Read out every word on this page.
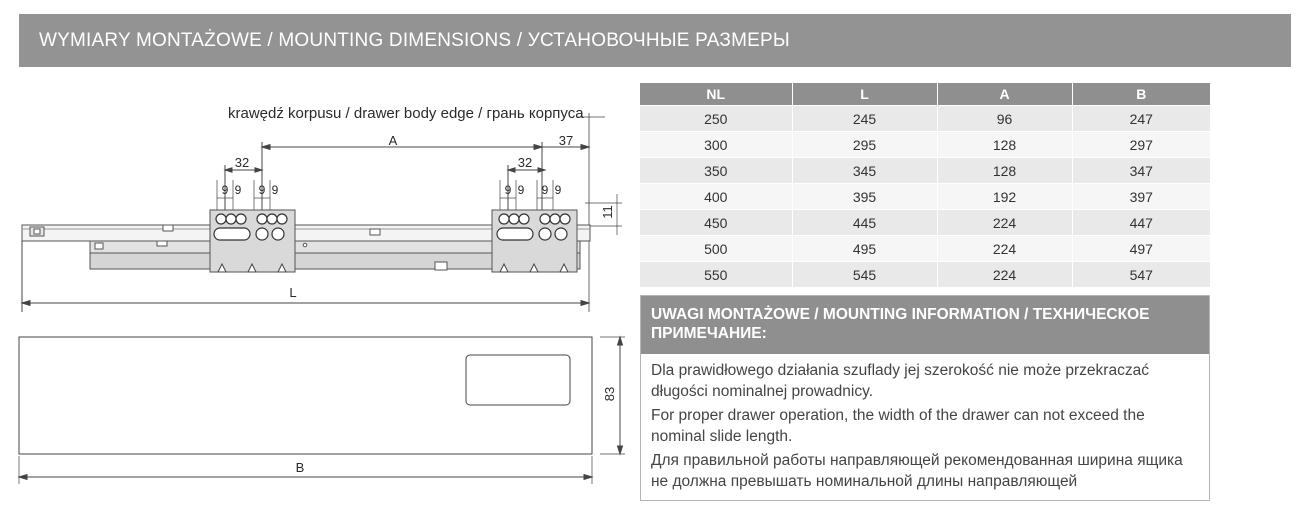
WYMIARY MONTAŻOWE / MOUNTING DIMENSIONS / УСТАНОВОЧНЫЕ РАЗМЕРЫ
krawędź korpusu / drawer body edge / грань корпуса
A	37
32	32
9 9 9 9	9 9 9 9
11
L
83
B
NL	L	A	B
250	245	96	247
300	295	128	297
350	345	128	347
400	395	192	397
450	445	224	447
500	495	224	497
550	545	224	547
UWAGI MONTAŻOWE / MOUNTING INFORMATION / ТЕХНИЧЕСКОЕ ПРИМЕЧАНИЕ:

Dla prawidłowego działania szuflady jej szerokość nie może przekraczać długości nominalnej prowadnicy.

For proper drawer operation, the width of the drawer can not exceed the nominal slide length.

Для правильной работы направляющей рекомендованная ширина ящика не должна превышать номинальной длины направляющей
